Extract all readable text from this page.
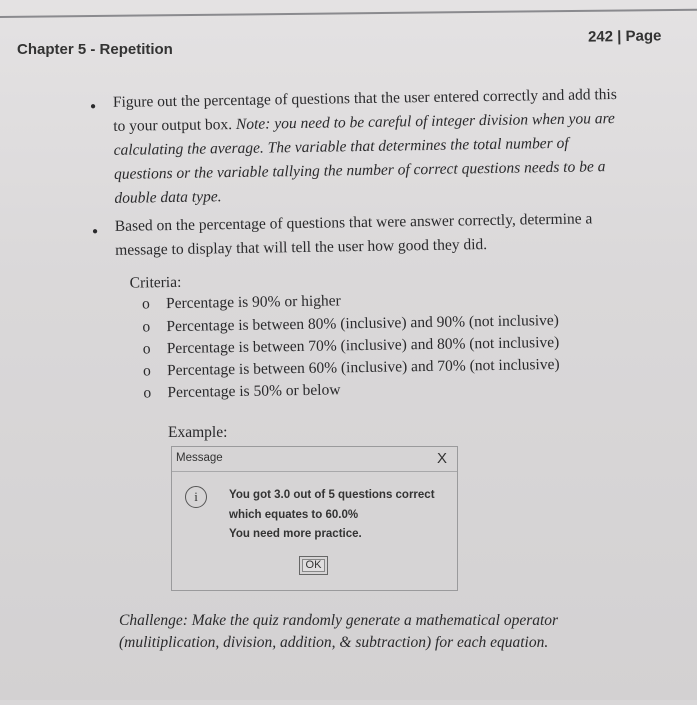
242 | Page
Chapter 5 - Repetition
• Figure out the percentage of questions that the user entered correctly and add this
to your output box. Note: you need to be careful of integer division when you are
calculating the average. The variable that determines the total number of
questions or the variable tallying the number of correct questions needs to be a
double data type.
• Based on the percentage of questions that were answer correctly, determine a
message to display that will tell the user how good they did.
Criteria:
o Percentage is 90% or higher
o Percentage is between 80% (inclusive) and 90% (not inclusive)
o Percentage is between 70% (inclusive) and 80% (not inclusive)
o Percentage is between 60% (inclusive) and 70% (not inclusive)
o Percentage is 50% or below
Example:
Message	X
i	You got 3.0 out of 5 questions correct
which equates to 60.0%
You need more practice.
OK
Challenge: Make the quiz randomly generate a mathematical operator
(mulitiplication, division, addition, & subtraction) for each equation.
